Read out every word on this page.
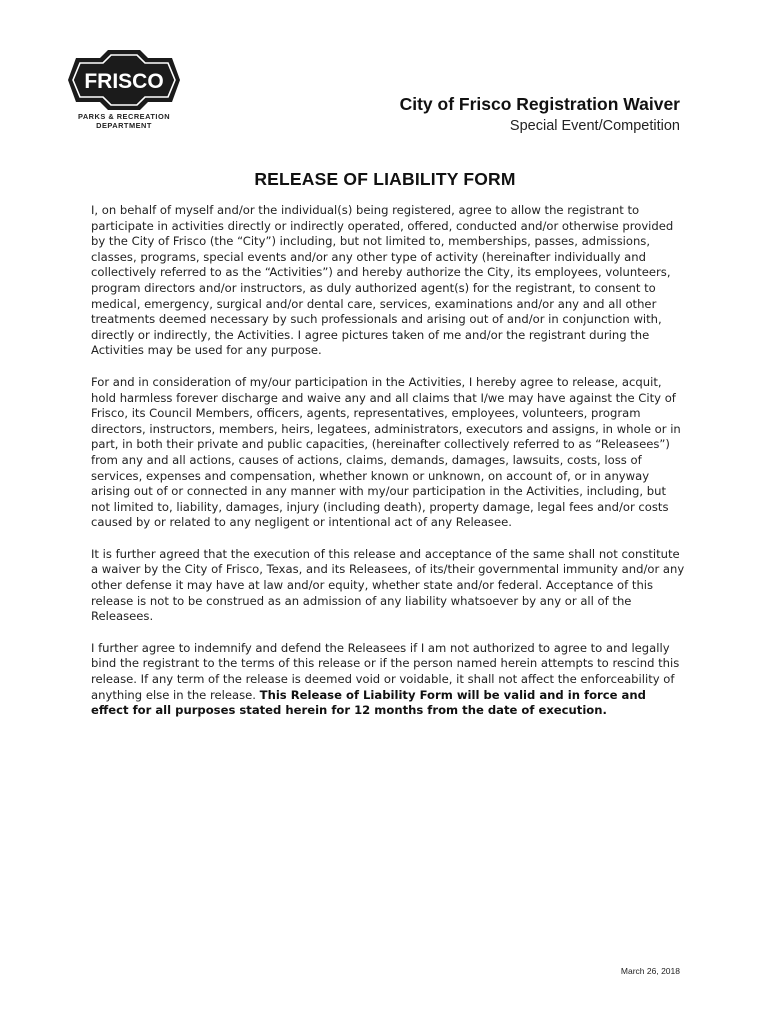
FRISCO
PARKS & RECREATION
DEPARTMENT
City of Frisco Registration Waiver
Special Event/Competition
RELEASE OF LIABILITY FORM

I, on behalf of myself and/or the individual(s) being registered, agree to allow the registrant to participate in activities directly or indirectly operated, offered, conducted and/or otherwise provided by the City of Frisco (the “City”) including, but not limited to, memberships, passes, admissions, classes, programs, special events and/or any other type of activity (hereinafter individually and collectively referred to as the “Activities”) and hereby authorize the City, its employees, volunteers, program directors and/or instructors, as duly authorized agent(s) for the registrant, to consent to medical, emergency, surgical and/or dental care, services, examinations and/or any and all other treatments deemed necessary by such professionals and arising out of and/or in conjunction with, directly or indirectly, the Activities. I agree pictures taken of me and/or the registrant during the Activities may be used for any purpose.

For and in consideration of my/our participation in the Activities, I hereby agree to release, acquit, hold harmless forever discharge and waive any and all claims that I/we may have against the City of Frisco, its Council Members, officers, agents, representatives, employees, volunteers, program directors, instructors, members, heirs, legatees, administrators, executors and assigns, in whole or in part, in both their private and public capacities, (hereinafter collectively referred to as “Releasees”) from any and all actions, causes of actions, claims, demands, damages, lawsuits, costs, loss of services, expenses and compensation, whether known or unknown, on account of, or in anyway arising out of or connected in any manner with my/our participation in the Activities, including, but not limited to, liability, damages, injury (including death), property damage, legal fees and/or costs caused by or related to any negligent or intentional act of any Releasee.

It is further agreed that the execution of this release and acceptance of the same shall not constitute a waiver by the City of Frisco, Texas, and its Releasees, of its/their governmental immunity and/or any other defense it may have at law and/or equity, whether state and/or federal. Acceptance of this release is not to be construed as an admission of any liability whatsoever by any or all of the Releasees.

I further agree to indemnify and defend the Releasees if I am not authorized to agree to and legally bind the registrant to the terms of this release or if the person named herein attempts to rescind this release. If any term of the release is deemed void or voidable, it shall not affect the enforceability of anything else in the release. This Release of Liability Form will be valid and in force and effect for all purposes stated herein for 12 months from the date of execution.

March 26, 2018
